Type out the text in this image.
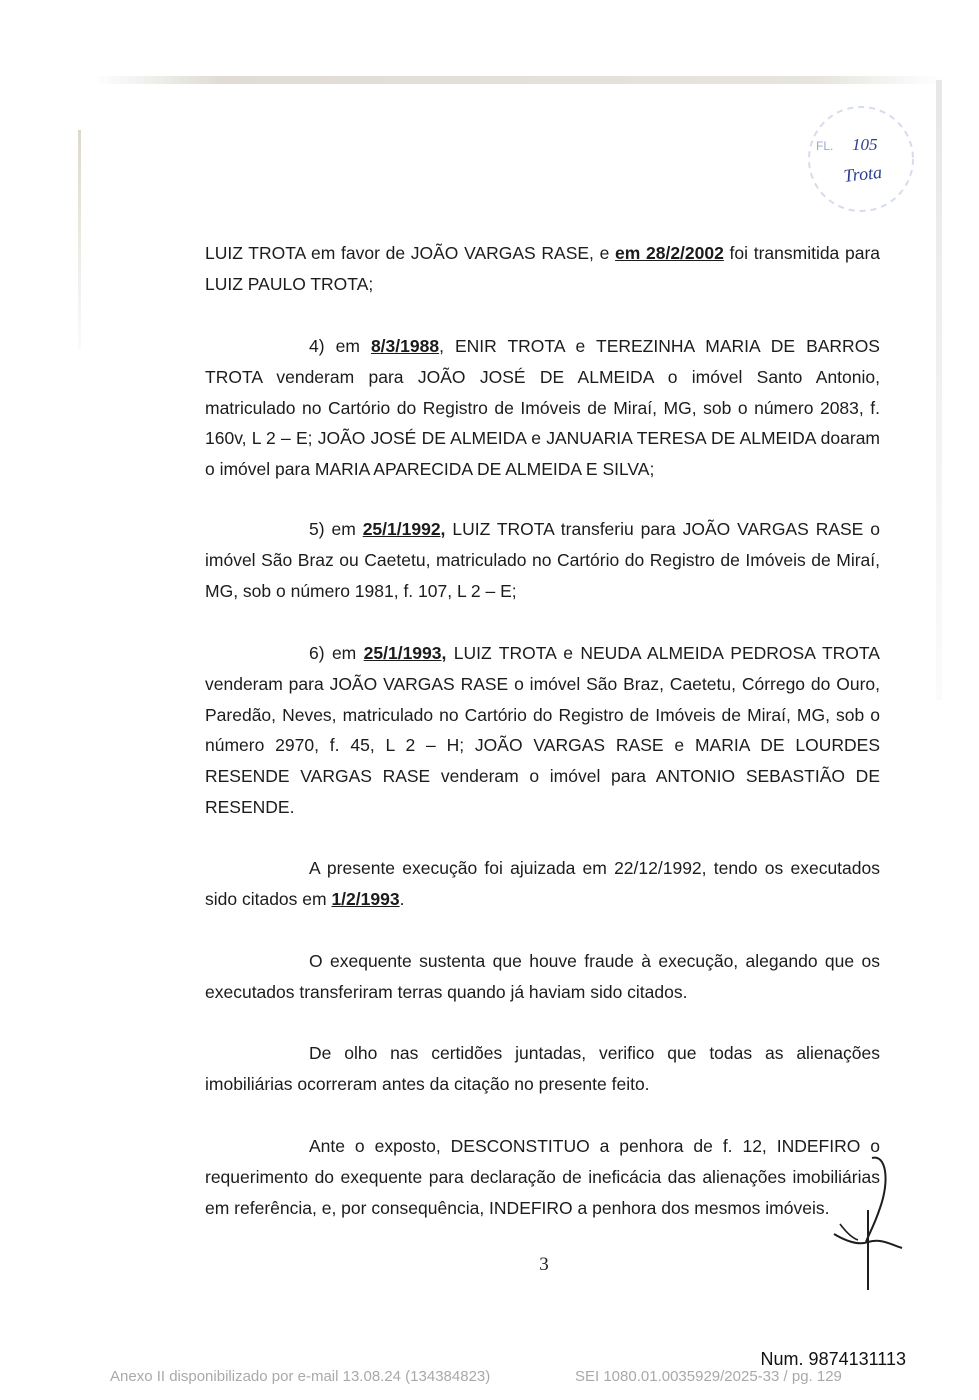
FL. 105
Trota

LUIZ TROTA em favor de JOÃO VARGAS RASE, e em 28/2/2002 foi transmitida para LUIZ PAULO TROTA;

4) em 8/3/1988, ENIR TROTA e TEREZINHA MARIA DE BARROS TROTA venderam para JOÃO JOSÉ DE ALMEIDA o imóvel Santo Antonio, matriculado no Cartório do Registro de Imóveis de Miraí, MG, sob o número 2083, f. 160v, L 2 – E; JOÃO JOSÉ DE ALMEIDA e JANUARIA TERESA DE ALMEIDA doaram o imóvel para MARIA APARECIDA DE ALMEIDA E SILVA;

5) em 25/1/1992, LUIZ TROTA transferiu para JOÃO VARGAS RASE o imóvel São Braz ou Caetetu, matriculado no Cartório do Registro de Imóveis de Miraí, MG, sob o número 1981, f. 107, L 2 – E;

6) em 25/1/1993, LUIZ TROTA e NEUDA ALMEIDA PEDROSA TROTA venderam para JOÃO VARGAS RASE o imóvel São Braz, Caetetu, Córrego do Ouro, Paredão, Neves, matriculado no Cartório do Registro de Imóveis de Miraí, MG, sob o número 2970, f. 45, L 2 – H; JOÃO VARGAS RASE e MARIA DE LOURDES RESENDE VARGAS RASE venderam o imóvel para ANTONIO SEBASTIÃO DE RESENDE.

A presente execução foi ajuizada em 22/12/1992, tendo os executados sido citados em 1/2/1993.

O exequente sustenta que houve fraude à execução, alegando que os executados transferiram terras quando já haviam sido citados.

De olho nas certidões juntadas, verifico que todas as alienações imobiliárias ocorreram antes da citação no presente feito.

Ante o exposto, DESCONSTITUO a penhora de f. 12, INDEFIRO o requerimento do exequente para declaração de ineficácia das alienações imobiliárias em referência, e, por consequência, INDEFIRO a penhora dos mesmos imóveis.

3
Num. 9874131113
Anexo II disponibilizado por e-mail 13.08.24 (134384823)	SEI 1080.01.0035929/2025-33 / pg. 129
